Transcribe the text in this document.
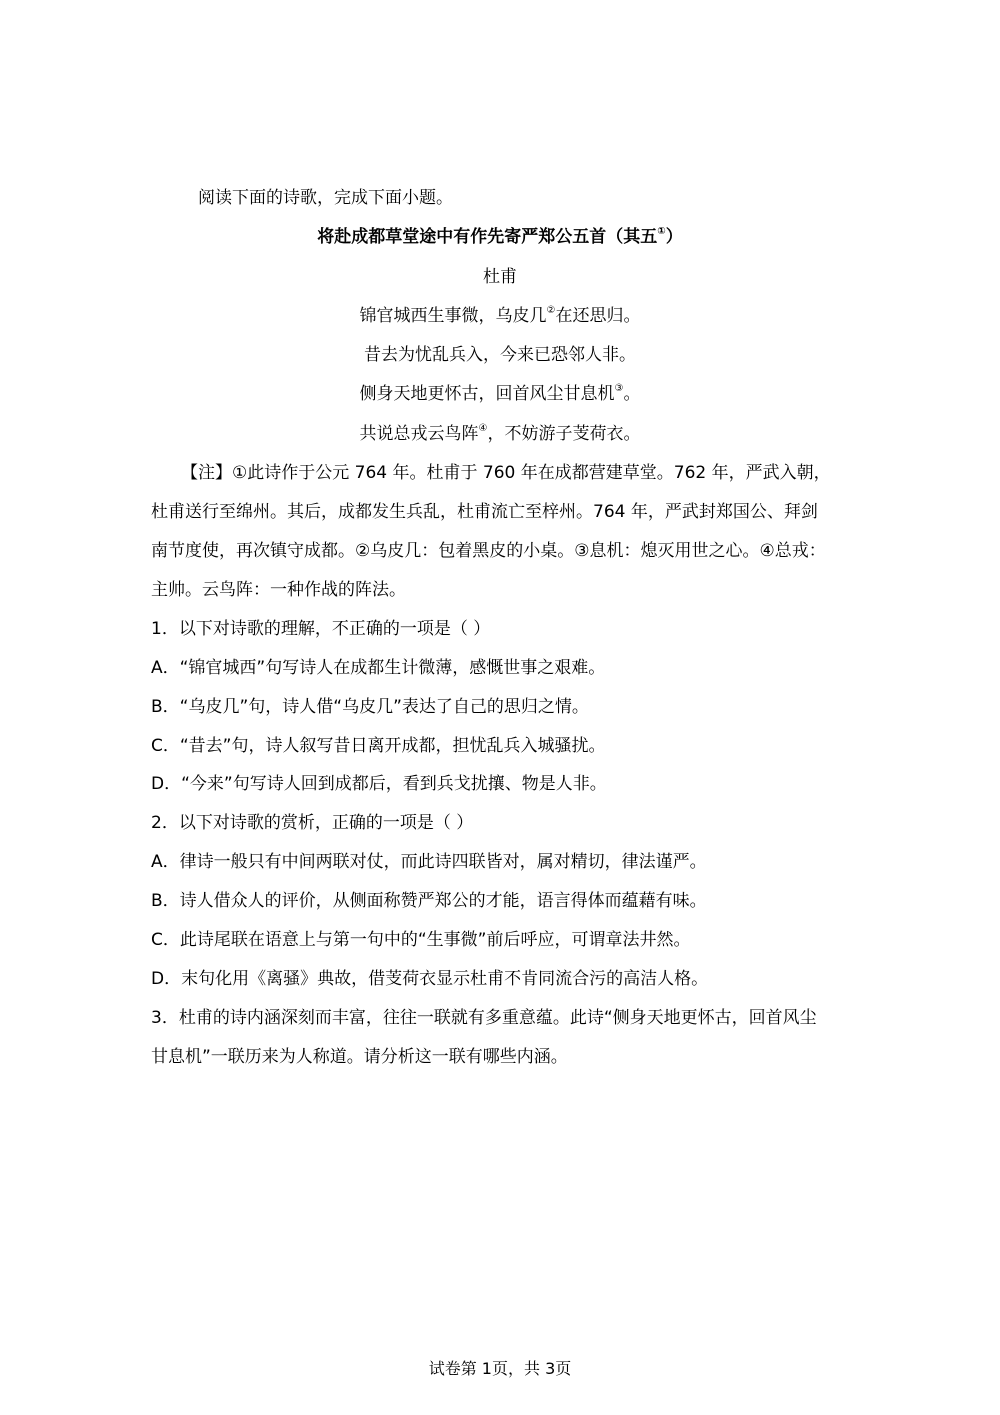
阅读下面的诗歌，完成下面小题。
将赴成都草堂途中有作先寄严郑公五首（其五①）
杜甫
锦官城西生事微，乌皮几②在还思归。
昔去为忧乱兵入，今来已恐邻人非。
侧身天地更怀古，回首风尘甘息机③。
共说总戎云鸟阵④，不妨游子芰荷衣。
【注】①此诗作于公元 764 年。杜甫于 760 年在成都营建草堂。762 年，严武入朝，
杜甫送行至绵州。其后，成都发生兵乱，杜甫流亡至梓州。764 年，严武封郑国公、拜剑
南节度使，再次镇守成都。②乌皮几：包着黑皮的小桌。③息机：熄灭用世之心。④总戎：
主帅。云鸟阵：一种作战的阵法。
1．以下对诗歌的理解，不正确的一项是（ ）
A．“锦官城西”句写诗人在成都生计微薄，感慨世事之艰难。
B．“乌皮几”句，诗人借“乌皮几”表达了自己的思归之情。
C．“昔去”句，诗人叙写昔日离开成都，担忧乱兵入城骚扰。
D．“今来”句写诗人回到成都后，看到兵戈扰攘、物是人非。
2．以下对诗歌的赏析，正确的一项是（ ）
A．律诗一般只有中间两联对仗，而此诗四联皆对，属对精切，律法谨严。
B．诗人借众人的评价，从侧面称赞严郑公的才能，语言得体而蕴藉有味。
C．此诗尾联在语意上与第一句中的“生事微”前后呼应，可谓章法井然。
D．末句化用《离骚》典故，借芰荷衣显示杜甫不肯同流合污的高洁人格。
3．杜甫的诗内涵深刻而丰富，往往一联就有多重意蕴。此诗“侧身天地更怀古，回首风尘
甘息机”一联历来为人称道。请分析这一联有哪些内涵。
试卷第 1页，共 3页
